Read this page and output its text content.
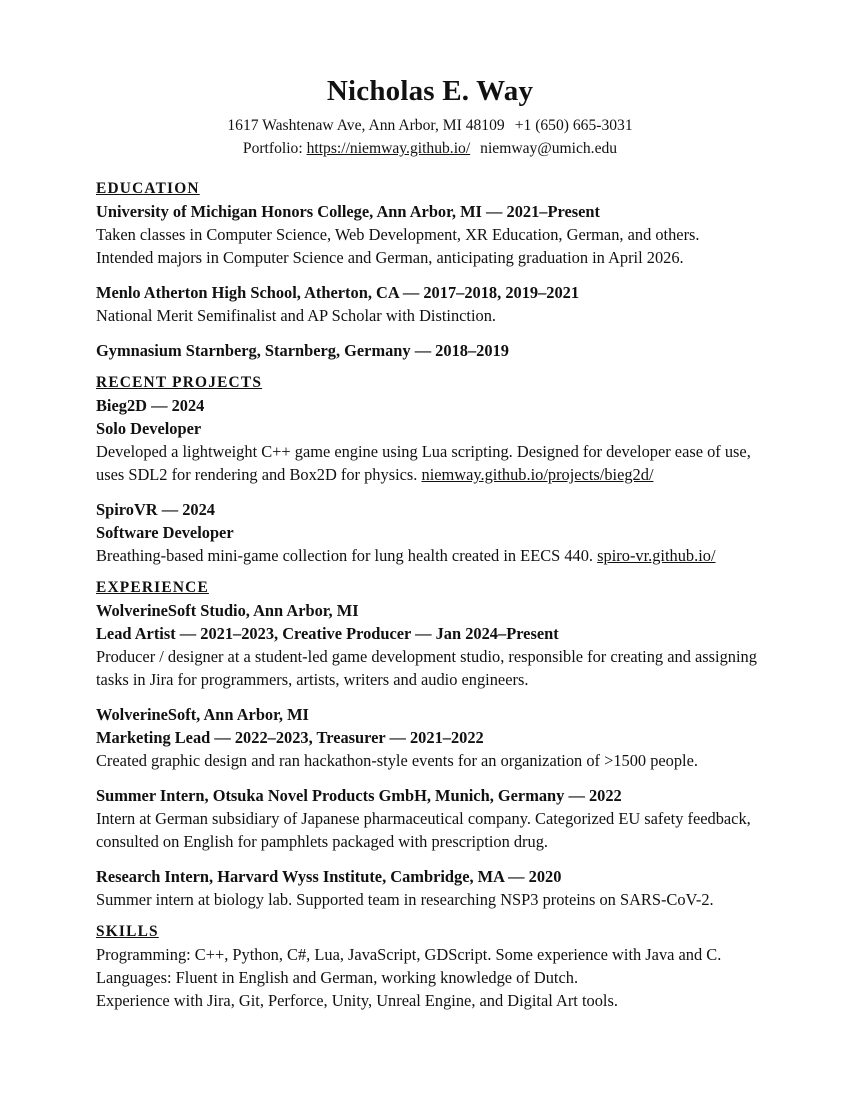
Nicholas E. Way
1617 Washtenaw Ave, Ann Arbor, MI 48109 +1 (650) 665-3031
Portfolio: https://niemway.github.io/ niemway@umich.edu
EDUCATION
University of Michigan Honors College, Ann Arbor, MI — 2021–Present
Taken classes in Computer Science, Web Development, XR Education, German, and others.
Intended majors in Computer Science and German, anticipating graduation in April 2026.
Menlo Atherton High School, Atherton, CA — 2017–2018, 2019–2021
National Merit Semifinalist and AP Scholar with Distinction.
Gymnasium Starnberg, Starnberg, Germany — 2018–2019
RECENT PROJECTS
Bieg2D — 2024
Solo Developer
Developed a lightweight C++ game engine using Lua scripting. Designed for developer ease of use, uses SDL2 for rendering and Box2D for physics. niemway.github.io/projects/bieg2d/
SpiroVR — 2024
Software Developer
Breathing-based mini-game collection for lung health created in EECS 440. spiro-vr.github.io/
EXPERIENCE
WolverineSoft Studio, Ann Arbor, MI
Lead Artist — 2021–2023, Creative Producer — Jan 2024–Present
Producer / designer at a student-led game development studio, responsible for creating and assigning tasks in Jira for programmers, artists, writers and audio engineers.
WolverineSoft, Ann Arbor, MI
Marketing Lead — 2022–2023, Treasurer — 2021–2022
Created graphic design and ran hackathon-style events for an organization of >1500 people.
Summer Intern, Otsuka Novel Products GmbH, Munich, Germany — 2022
Intern at German subsidiary of Japanese pharmaceutical company. Categorized EU safety feedback, consulted on English for pamphlets packaged with prescription drug.
Research Intern, Harvard Wyss Institute, Cambridge, MA — 2020
Summer intern at biology lab. Supported team in researching NSP3 proteins on SARS-CoV-2.
SKILLS
Programming: C++, Python, C#, Lua, JavaScript, GDScript. Some experience with Java and C.
Languages: Fluent in English and German, working knowledge of Dutch.
Experience with Jira, Git, Perforce, Unity, Unreal Engine, and Digital Art tools.
